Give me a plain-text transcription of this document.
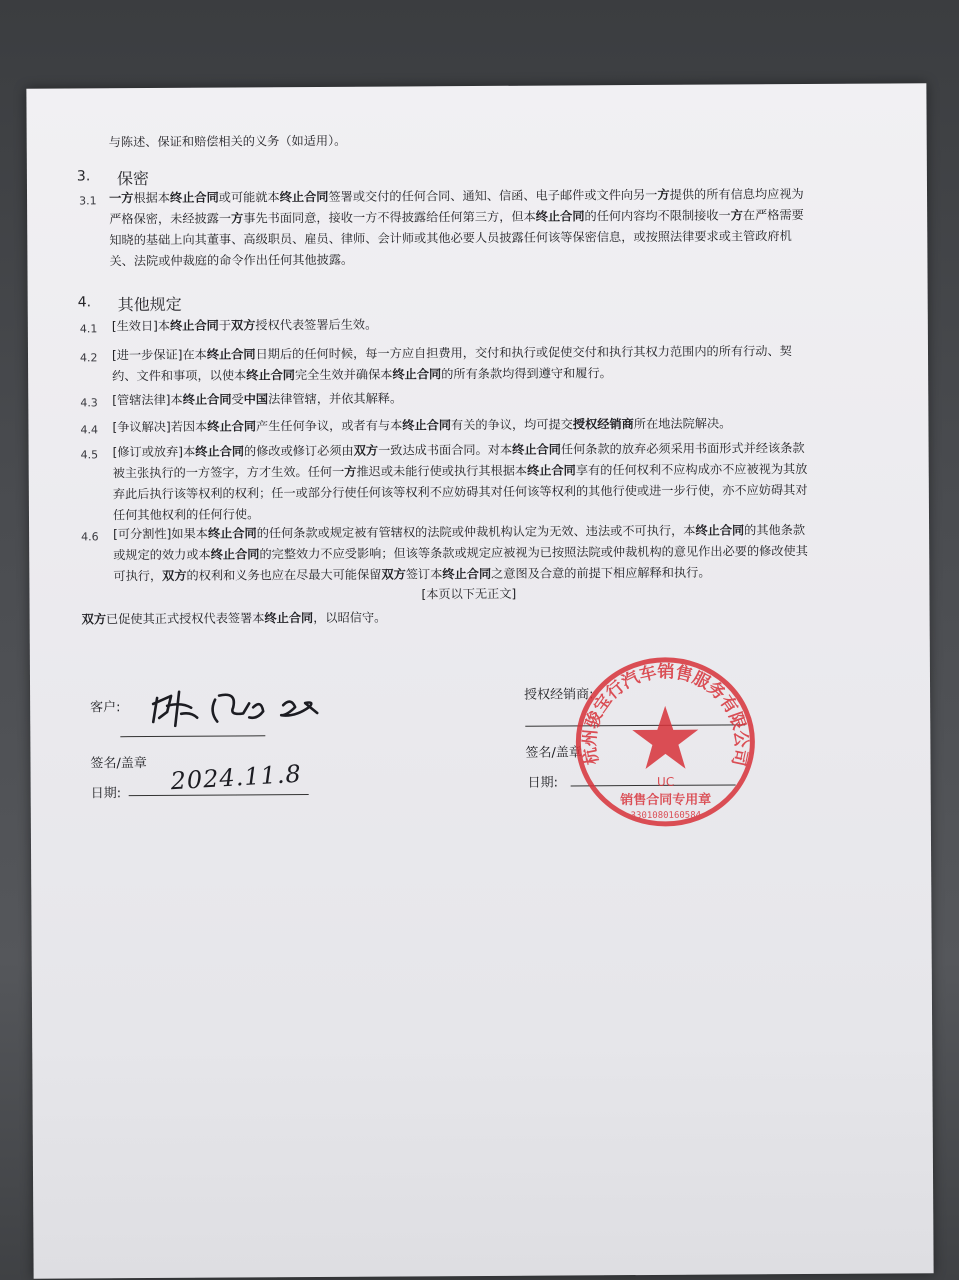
与陈述、保证和赔偿相关的义务（如适用）。
3. 保密
3.1 一方根据本终止合同或可能就本终止合同签署或交付的任何合同、通知、信函、电子邮件或文件向另一方提供的所有信息均应视为
严格保密，未经披露一方事先书面同意，接收一方不得披露给任何第三方，但本终止合同的任何内容均不限制接收一方在严格需要
知晓的基础上向其董事、高级职员、雇员、律师、会计师或其他必要人员披露任何该等保密信息，或按照法律要求或主管政府机
关、法院或仲裁庭的命令作出任何其他披露。
4. 其他规定
4.1 [生效日]本终止合同于双方授权代表签署后生效。
4.2 [进一步保证]在本终止合同日期后的任何时候，每一方应自担费用，交付和执行或促使交付和执行其权力范围内的所有行动、契
约、文件和事项，以使本终止合同完全生效并确保本终止合同的所有条款均得到遵守和履行。
4.3 [管辖法律]本终止合同受中国法律管辖，并依其解释。
4.4 [争议解决]若因本终止合同产生任何争议，或者有与本终止合同有关的争议，均可提交授权经销商所在地法院解决。
4.5 [修订或放弃]本终止合同的修改或修订必须由双方一致达成书面合同。对本终止合同任何条款的放弃必须采用书面形式并经该条款
被主张执行的一方签字，方才生效。任何一方推迟或未能行使或执行其根据本终止合同享有的任何权利不应构成亦不应被视为其放
弃此后执行该等权利的权利；任一或部分行使任何该等权利不应妨碍其对任何该等权利的其他行使或进一步行使，亦不应妨碍其对
任何其他权利的任何行使。
4.6 [可分割性]如果本终止合同的任何条款或规定被有管辖权的法院或仲裁机构认定为无效、违法或不可执行，本终止合同的其他条款
或规定的效力或本终止合同的完整效力不应受影响；但该等条款或规定应被视为已按照法院或仲裁机构的意见作出必要的修改使其
可执行，双方的权利和义务也应在尽最大可能保留双方签订本终止合同之意图及合意的前提下相应解释和执行。
[本页以下无正文]
双方已促使其正式授权代表签署本终止合同，以昭信守。
客户:
签名/盖章
日期: 2024.11.8
授权经销商:
签名/盖章
日期:
杭州骏宝行汽车销售服务有限公司
UC
销售合同专用章
3301080160584
